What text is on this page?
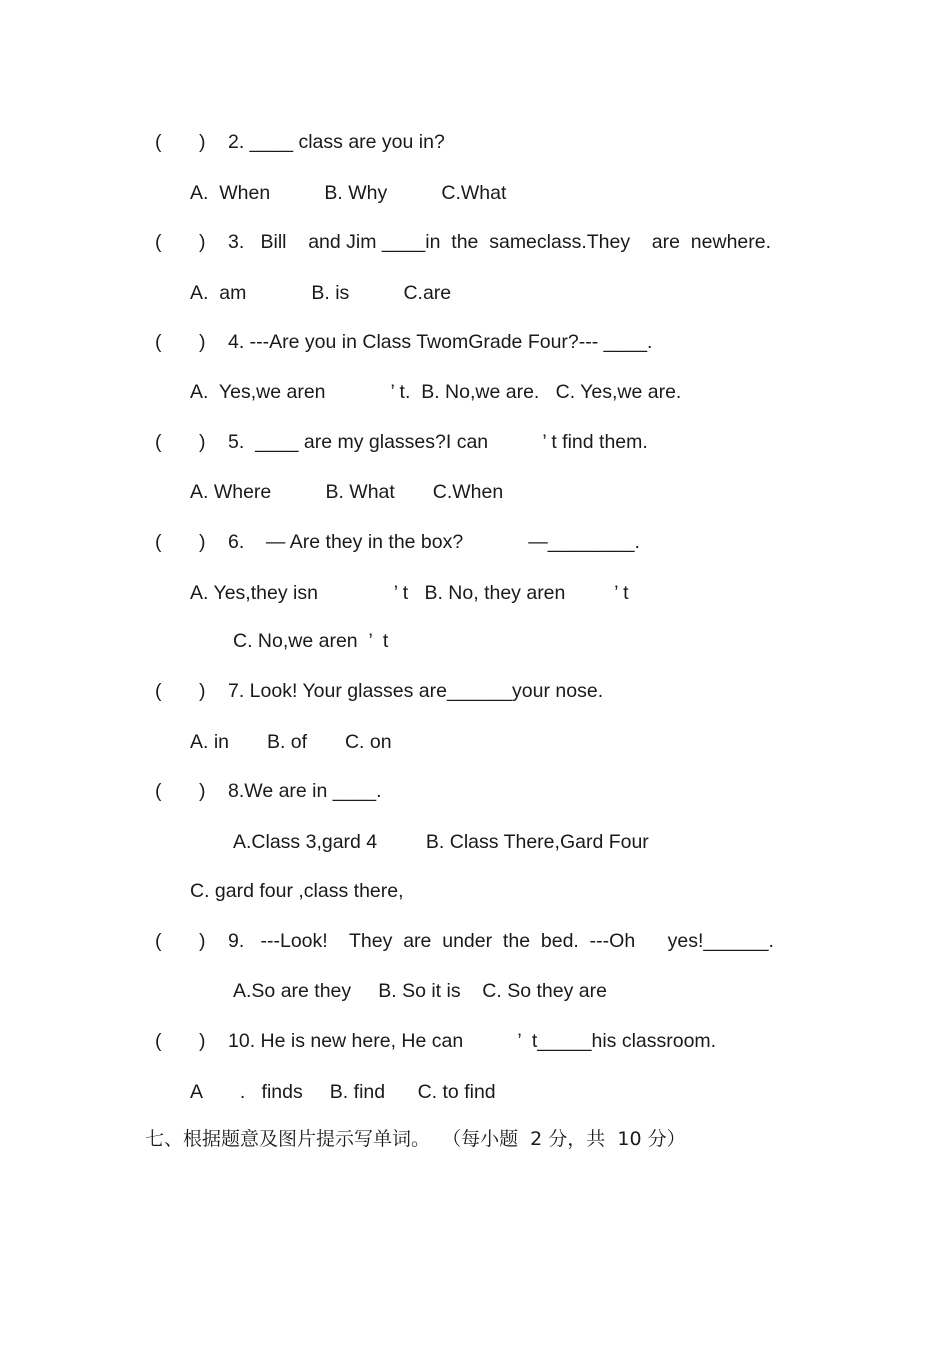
( ) 2. ____ class are you in?
A.  When          B. Why          C.What
( ) 3.   Bill    and Jim ____in  the  sameclass.They    are  newhere.
A.  am            B. is          C.are
( ) 4. ---Are you in Class TwomGrade Four?--- ____.
A.  Yes,we aren            ’ t.  B. No,we are.   C. Yes,we are.
( ) 5.  ____ are my glasses?I can          ’ t find them.
A. Where          B. What       C.When
( ) 6.    — Are they in the box?            —________.
A. Yes,they isn              ’ t   B. No, they aren         ’ t
C. No,we aren  ’  t
( ) 7. Look! Your glasses are______your nose.
A. in       B. of       C. on
( ) 8.We are in ____.
A.Class 3,gard 4         B. Class There,Gard Four
C. gard four ,class there,
( ) 9.   ---Look!    They  are  under  the  bed.  ---Oh      yes!______.
A.So are they     B. So it is    C. So they are
( ) 10. He is new here, He can          ’  t_____his classroom.
A       .   finds     B. find      C. to find
七、根据题意及图片提示写单词。  （每小题  2 分，共  10 分）
